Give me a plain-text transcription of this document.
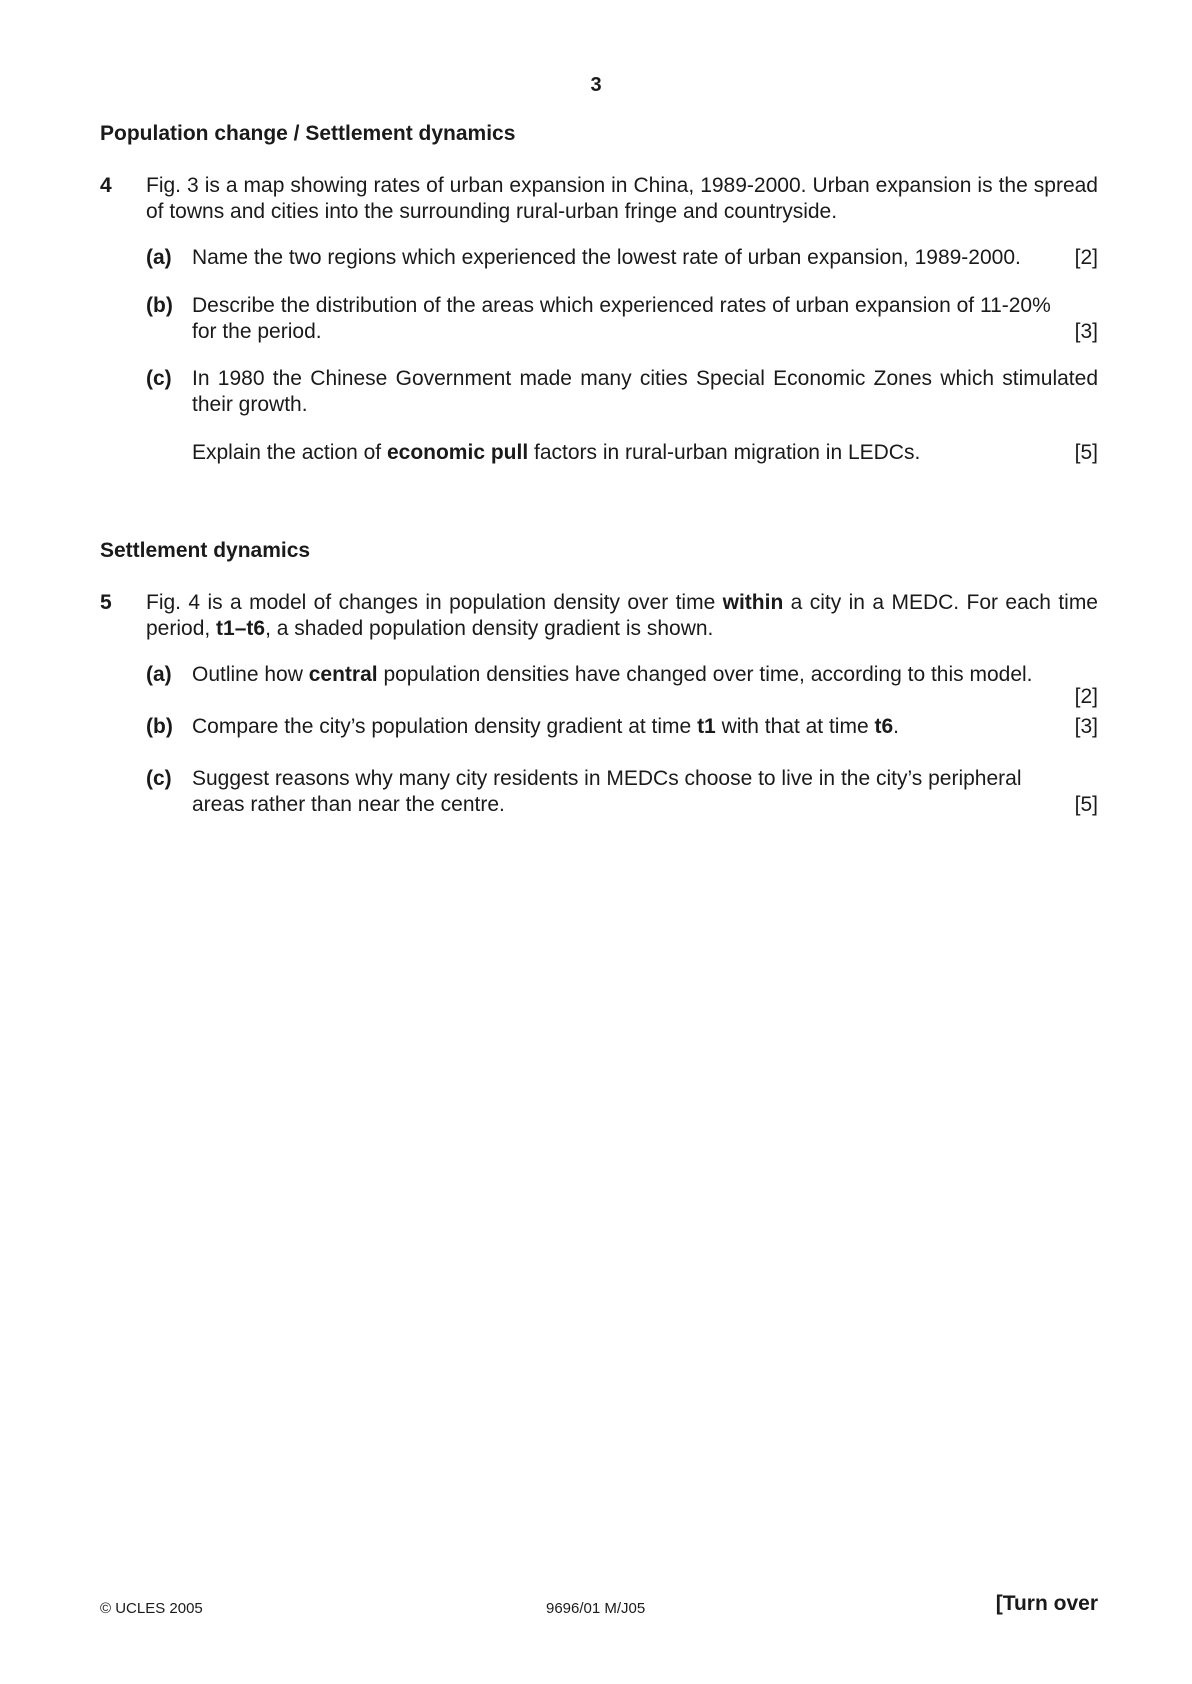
3
Population change / Settlement dynamics
4 Fig. 3 is a map showing rates of urban expansion in China, 1989-2000. Urban expansion is the spread of towns and cities into the surrounding rural-urban fringe and countryside.
(a) Name the two regions which experienced the lowest rate of urban expansion, 1989-2000.	[2]
(b) Describe the distribution of the areas which experienced rates of urban expansion of 11-20%
for the period.	[3]
(c) In 1980 the Chinese Government made many cities Special Economic Zones which stimulated their growth.
Explain the action of economic pull factors in rural-urban migration in LEDCs.	[5]
Settlement dynamics
5 Fig. 4 is a model of changes in population density over time within a city in a MEDC. For each time period, t1–t6, a shaded population density gradient is shown.
(a) Outline how central population densities have changed over time, according to this model.
[2]
(b) Compare the city’s population density gradient at time t1 with that at time t6.	[3]
(c) Suggest reasons why many city residents in MEDCs choose to live in the city’s peripheral
areas rather than near the centre.	[5]
© UCLES 2005	9696/01 M/J05	[Turn over
